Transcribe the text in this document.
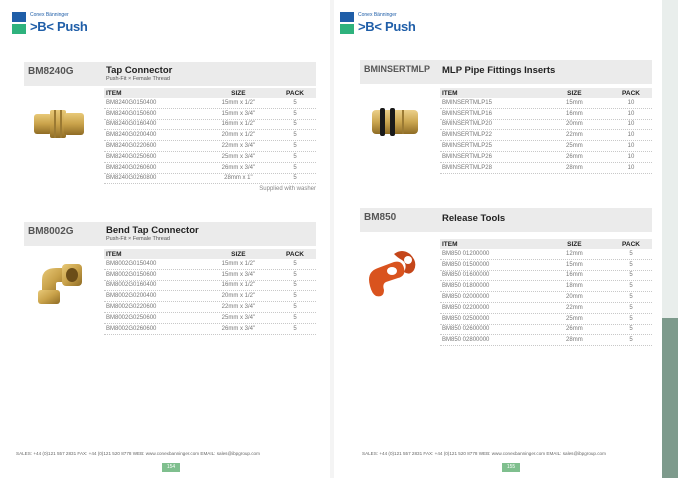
Conex Bänninger
>B< Push
BM8240G	Tap Connector
Push-Fit × Female Thread
ITEM	SIZE	PACK
BM8240G0150400	15mm x 1/2"	5
BM8240G0150600	15mm x 3/4"	5
BM8240G0160400	16mm x 1/2"	5
BM8240G0200400	20mm x 1/2"	5
BM8240G0220600	22mm x 3/4"	5
BM8240G0250600	25mm x 3/4"	5
BM8240G0260600	26mm x 3/4"	5
BM8240G0260800	28mm x 1"	5
Supplied with washer
BM8002G	Bend Tap Connector
Push-Fit × Female Thread
ITEM	SIZE	PACK
BM8002G0150400	15mm x 1/2"	5
BM8002G0150600	15mm x 3/4"	5
BM8002G0160400	16mm x 1/2"	5
BM8002G0200400	20mm x 1/2"	5
BM8002G0220600	22mm x 3/4"	5
BM8002G0250600	25mm x 3/4"	5
BM8002G0260600	26mm x 3/4"	5
SALES: +44 (0)121 557 2831 FAX: +44 (0)121 520 8778 WEB: www.conexbanninger.com EMAIL: sales@ibpgroup.com
154
Conex Bänninger
>B< Push
BMINSERTMLP MLP Pipe Fittings Inserts
ITEM	SIZE	PACK
BMINSERTMLP15	15mm	10
BMINSERTMLP16	16mm	10
BMINSERTMLP20	20mm	10
BMINSERTMLP22	22mm	10
BMINSERTMLP25	25mm	10
BMINSERTMLP26	26mm	10
BMINSERTMLP28	28mm	10
BM850	Release Tools
ITEM	SIZE	PACK
BM850 01200000	12mm	5
BM850 01500000	15mm	5
BM850 01600000	16mm	5
BM850 01800000	18mm	5
BM850 02000000	20mm	5
BM850 02200000	22mm	5
BM850 02500000	25mm	5
BM850 02600000	26mm	5
BM850 02800000	28mm	5
SALES: +44 (0)121 557 2831 FAX: +44 (0)121 520 8778 WEB: www.conexbanninger.com EMAIL: sales@ibpgroup.com
155
